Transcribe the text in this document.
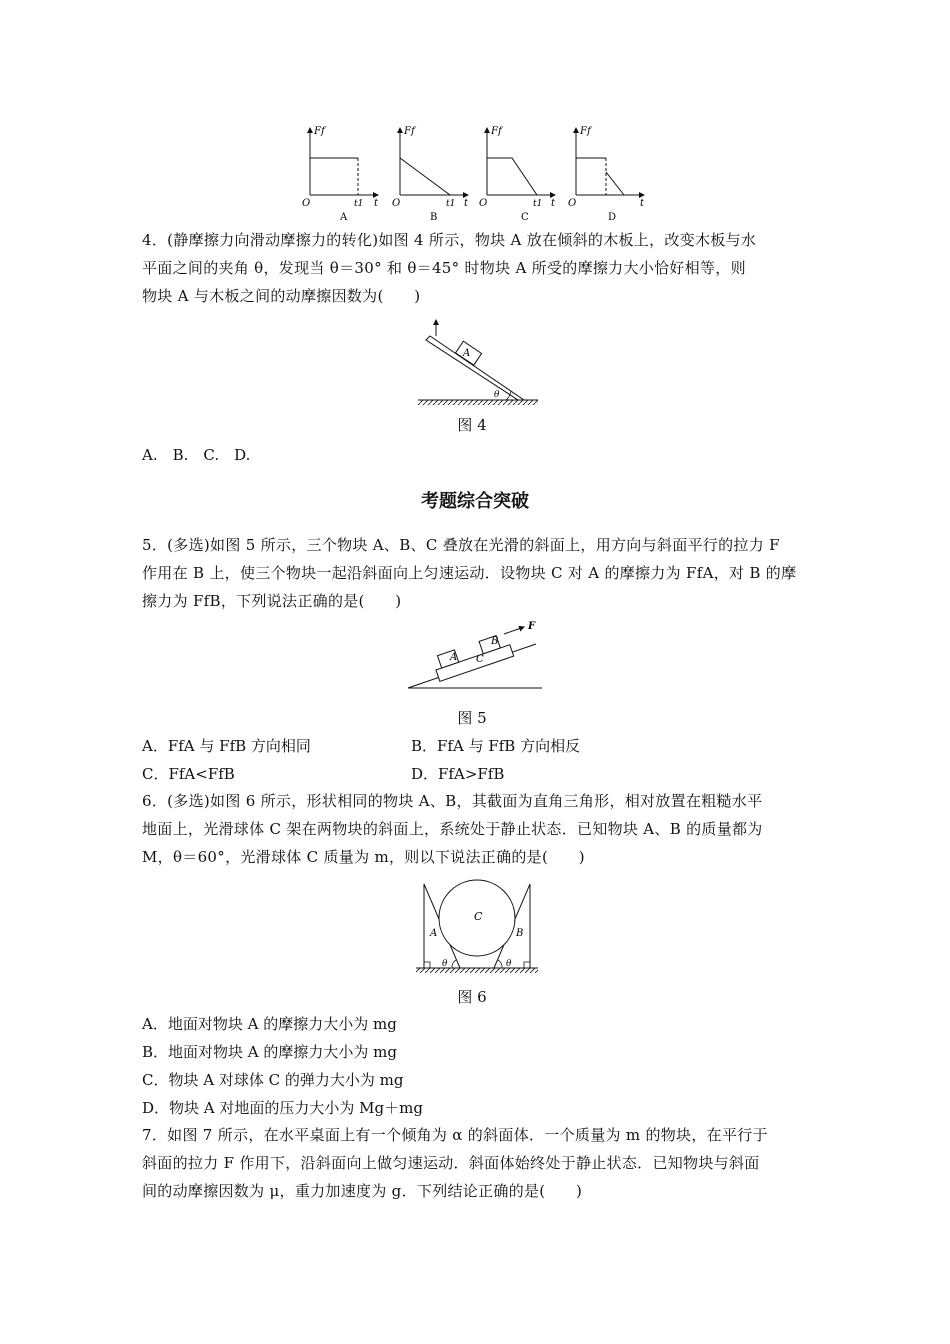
Ff
O	t1 t
A
Ff
O	t1 t
B
Ff
O	t1 t
C
Ff
O	t
D
4．(静摩擦力向滑动摩擦力的转化)如图 4 所示，物块 A 放在倾斜的木板上，改变木板与水
平面之间的夹角 θ，发现当 θ＝30° 和 θ＝45° 时物块 A 所受的摩擦力大小恰好相等，则
物块 A 与木板之间的动摩擦因数为(　　)
A
θ
图 4
A.　B.　C.　D.
考题综合突破
5．(多选)如图 5 所示，三个物块 A、B、C 叠放在光滑的斜面上，用方向与斜面平行的拉力 F
作用在 B 上，使三个物块一起沿斜面向上匀速运动．设物块 C 对 A 的摩擦力为 FfA，对 B 的摩
擦力为 FfB，下列说法正确的是(　　)
A
B
C
F
图 5
A．FfA 与 FfB 方向相同	B．FfA 与 FfB 方向相反
C．FfA<FfB	D．FfA>FfB
6．(多选)如图 6 所示，形状相同的物块 A、B，其截面为直角三角形，相对放置在粗糙水平
地面上，光滑球体 C 架在两物块的斜面上，系统处于静止状态．已知物块 A、B 的质量都为
M，θ＝60°，光滑球体 C 质量为 m，则以下说法正确的是(　　)
A	B
C
θ	θ
图 6
A．地面对物块 A 的摩擦力大小为 mg
B．地面对物块 A 的摩擦力大小为 mg
C．物块 A 对球体 C 的弹力大小为 mg
D．物块 A 对地面的压力大小为 Mg＋mg
7．如图 7 所示，在水平桌面上有一个倾角为 α 的斜面体．一个质量为 m 的物块，在平行于
斜面的拉力 F 作用下，沿斜面向上做匀速运动．斜面体始终处于静止状态．已知物块与斜面
间的动摩擦因数为 μ，重力加速度为 g．下列结论正确的是(　　)
